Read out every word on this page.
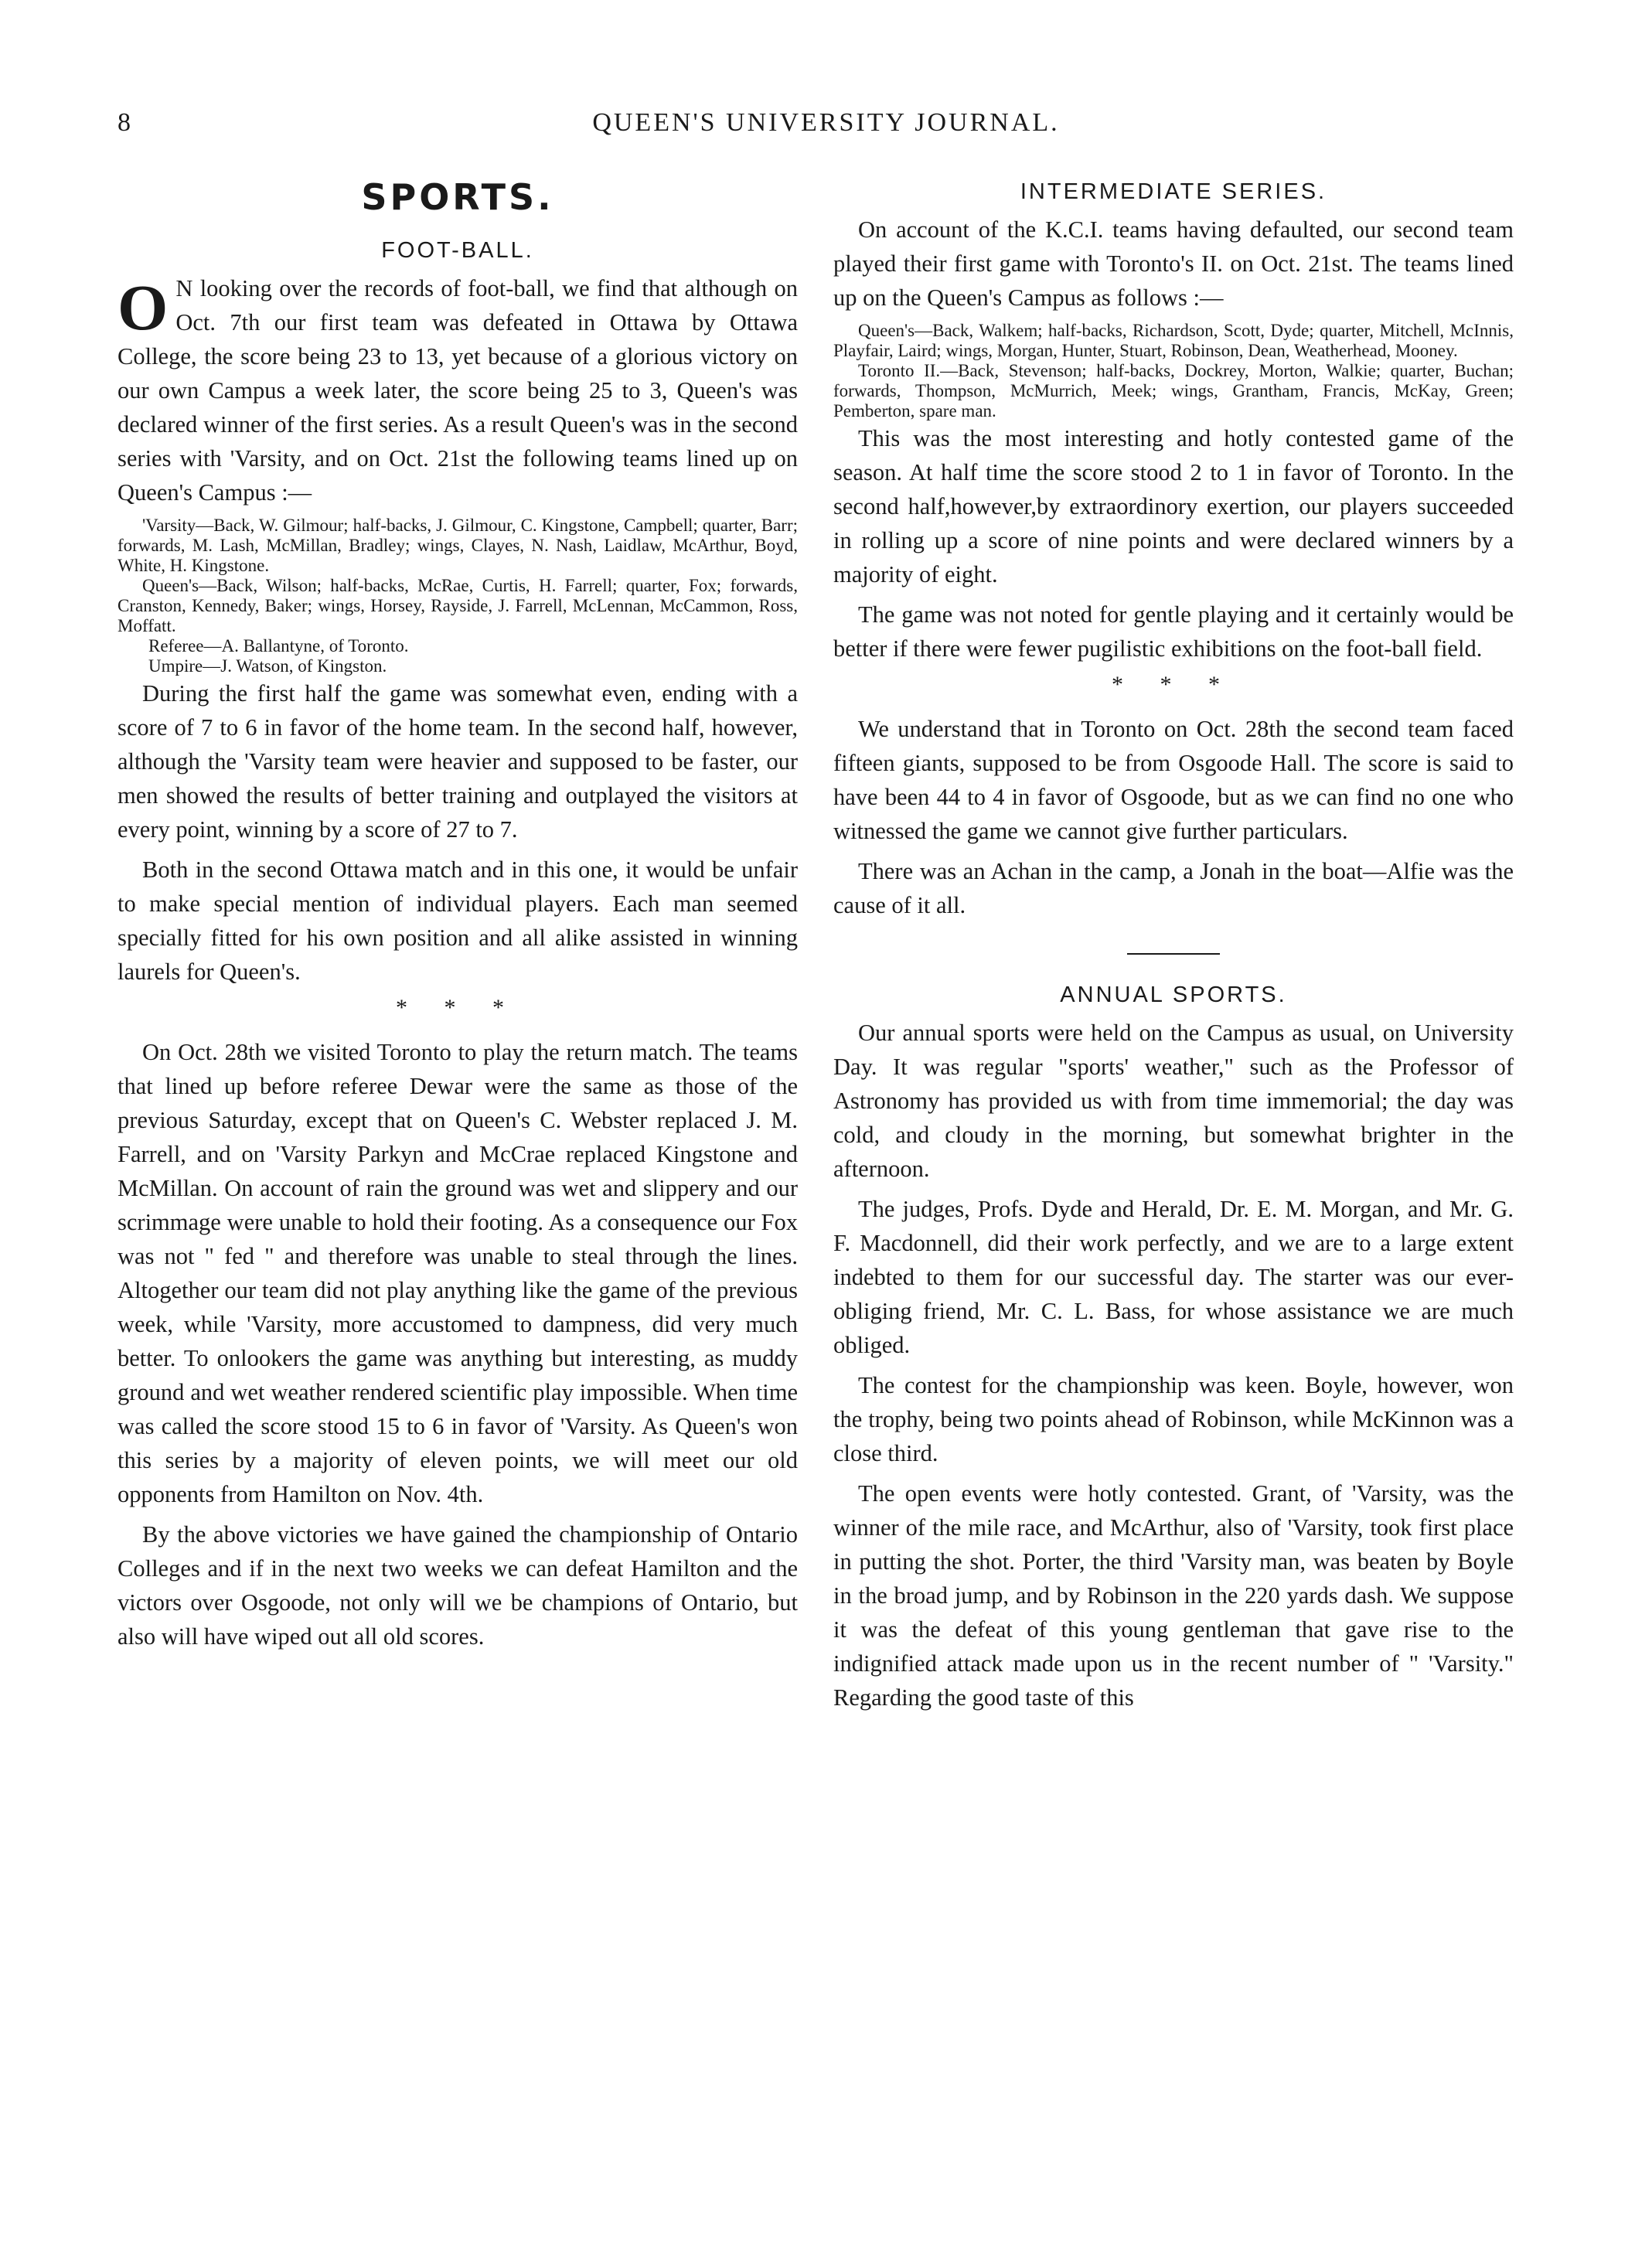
8	QUEEN'S UNIVERSITY JOURNAL.
SPORTS.
FOOT-BALL.

O N looking over the records of foot-ball, we find that although on Oct. 7th our first team was defeated in Ottawa by Ottawa College, the score being 23 to 13, yet because of a glorious victory on our own Campus a week later, the score being 25 to 3, Queen's was declared winner of the first series. As a result Queen's was in the second series with 'Varsity, and on Oct. 21st the following teams lined up on Queen's Campus :—

'Varsity—Back, W. Gilmour; half-backs, J. Gilmour, C. Kingstone, Campbell; quarter, Barr; forwards, M. Lash, McMillan, Bradley; wings, Clayes, N. Nash, Laidlaw, McArthur, Boyd, White, H. Kingstone.

Queen's—Back, Wilson; half-backs, McRae, Curtis, H. Farrell; quarter, Fox; forwards, Cranston, Kennedy, Baker; wings, Horsey, Rayside, J. Farrell, McLennan, McCammon, Ross, Moffatt.

Referee—A. Ballantyne, of Toronto.

Umpire—J. Watson, of Kingston.

During the first half the game was somewhat even, ending with a score of 7 to 6 in favor of the home team. In the second half, however, although the 'Varsity team were heavier and supposed to be faster, our men showed the results of better training and outplayed the visitors at every point, winning by a score of 27 to 7.

Both in the second Ottawa match and in this one, it would be unfair to make special mention of individual players. Each man seemed specially fitted for his own position and all alike assisted in winning laurels for Queen's.

* * *

On Oct. 28th we visited Toronto to play the return match. The teams that lined up before referee Dewar were the same as those of the previous Saturday, except that on Queen's C. Webster replaced J. M. Farrell, and on 'Varsity Parkyn and McCrae replaced Kingstone and McMillan. On account of rain the ground was wet and slippery and our scrimmage were unable to hold their footing. As a consequence our Fox was not " fed " and therefore was unable to steal through the lines. Altogether our team did not play anything like the game of the previous week, while 'Varsity, more accustomed to dampness, did very much better. To onlookers the game was anything but interesting, as muddy ground and wet weather rendered scientific play impossible. When time was called the score stood 15 to 6 in favor of 'Varsity. As Queen's won this series by a majority of eleven points, we will meet our old opponents from Hamilton on Nov. 4th.

By the above victories we have gained the championship of Ontario Colleges and if in the next two weeks we can defeat Hamilton and the victors over Osgoode, not only will we be champions of Ontario, but also will have wiped out all old scores.

INTERMEDIATE SERIES.

On account of the K.C.I. teams having defaulted, our second team played their first game with Toronto's II. on Oct. 21st. The teams lined up on the Queen's Campus as follows :—

Queen's—Back, Walkem; half-backs, Richardson, Scott, Dyde; quarter, Mitchell, McInnis, Playfair, Laird; wings, Morgan, Hunter, Stuart, Robinson, Dean, Weatherhead, Mooney.

Toronto II.—Back, Stevenson; half-backs, Dockrey, Morton, Walkie; quarter, Buchan; forwards, Thompson, McMurrich, Meek; wings, Grantham, Francis, McKay, Green; Pemberton, spare man.

This was the most interesting and hotly contested game of the season. At half time the score stood 2 to 1 in favor of Toronto. In the second half,however,by extraordinory exertion, our players succeeded in rolling up a score of nine points and were declared winners by a majority of eight.

The game was not noted for gentle playing and it certainly would be better if there were fewer pugilistic exhibitions on the foot-ball field.

* * *

We understand that in Toronto on Oct. 28th the second team faced fifteen giants, supposed to be from Osgoode Hall. The score is said to have been 44 to 4 in favor of Osgoode, but as we can find no one who witnessed the game we cannot give further particulars.

There was an Achan in the camp, a Jonah in the boat—Alfie was the cause of it all.

ANNUAL SPORTS.

Our annual sports were held on the Campus as usual, on University Day. It was regular "sports' weather," such as the Professor of Astronomy has provided us with from time immemorial; the day was cold, and cloudy in the morning, but somewhat brighter in the afternoon.

The judges, Profs. Dyde and Herald, Dr. E. M. Morgan, and Mr. G. F. Macdonnell, did their work perfectly, and we are to a large extent indebted to them for our successful day. The starter was our ever-obliging friend, Mr. C. L. Bass, for whose assistance we are much obliged.

The contest for the championship was keen. Boyle, however, won the trophy, being two points ahead of Robinson, while McKinnon was a close third.

The open events were hotly contested. Grant, of 'Varsity, was the winner of the mile race, and McArthur, also of 'Varsity, took first place in putting the shot. Porter, the third 'Varsity man, was beaten by Boyle in the broad jump, and by Robinson in the 220 yards dash. We suppose it was the defeat of this young gentleman that gave rise to the indignified attack made upon us in the recent number of " 'Varsity." Regarding the good taste of this
